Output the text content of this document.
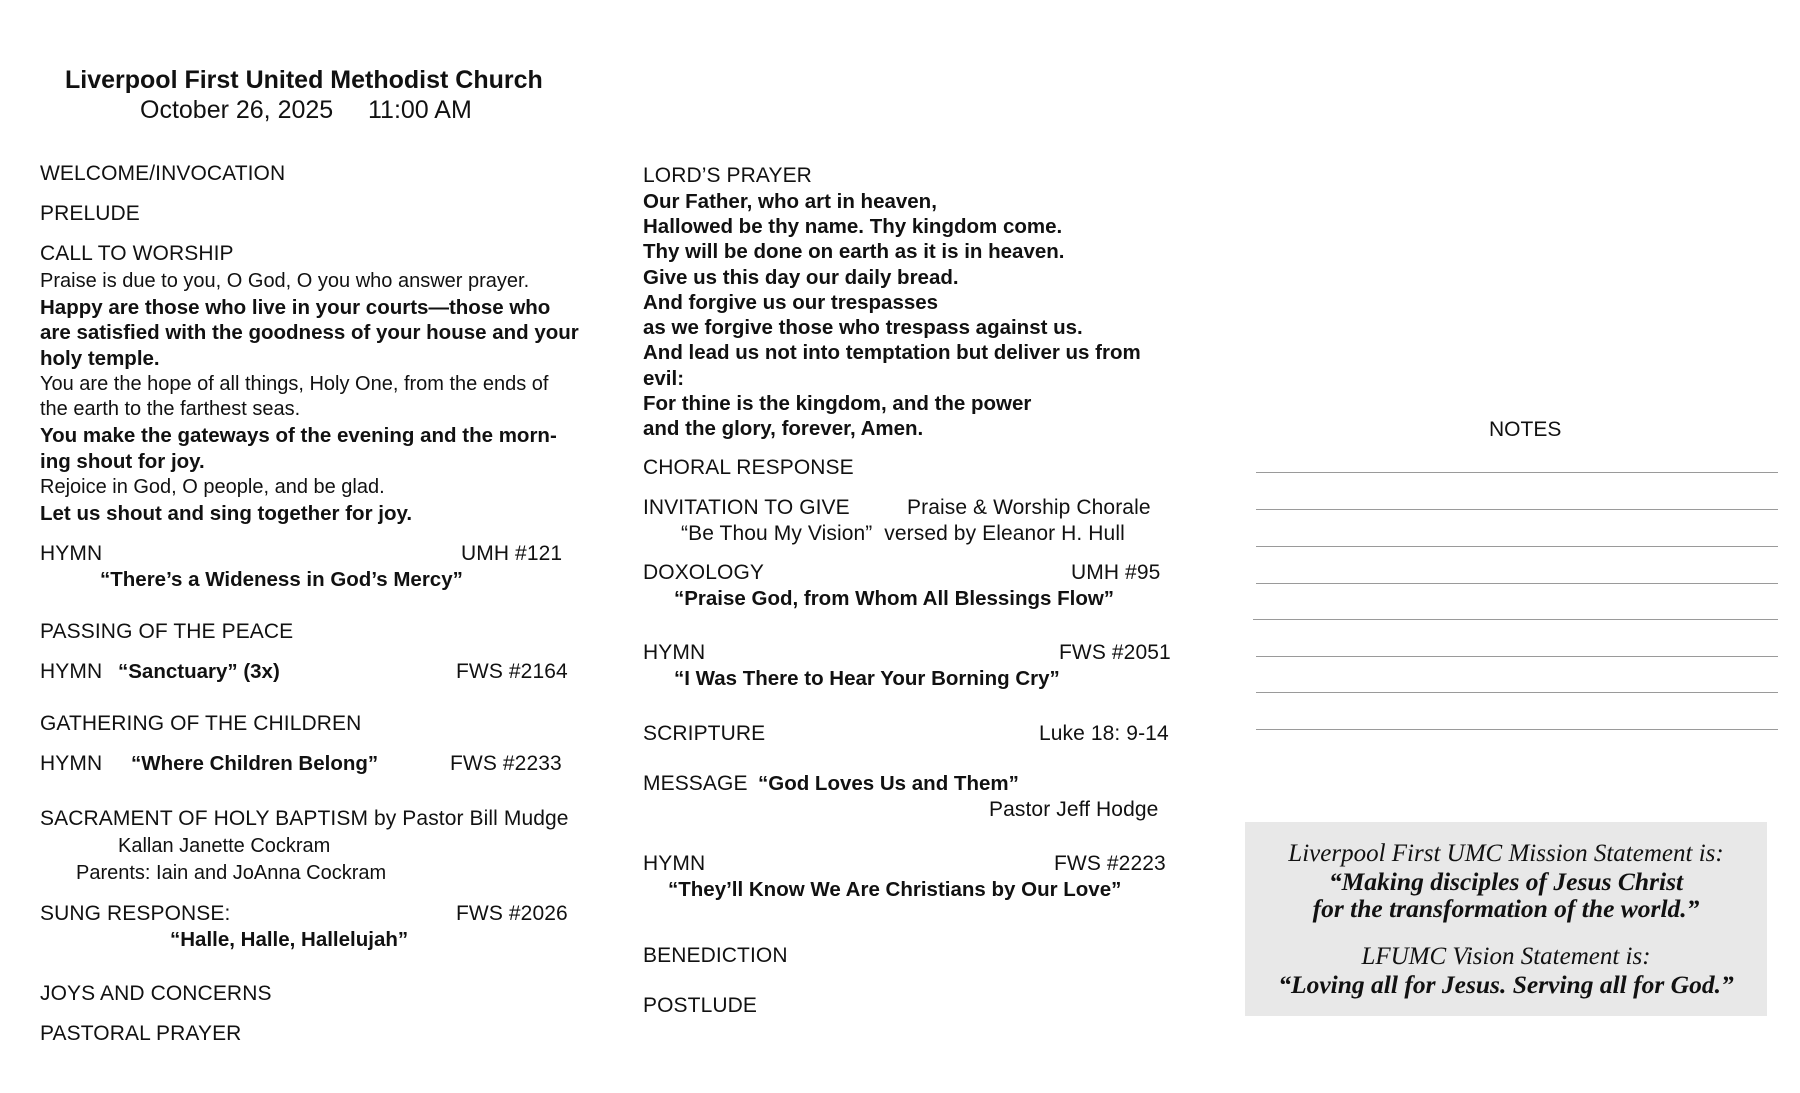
Liverpool First United Methodist Church
October 26, 2025 11:00 AM
WELCOME/INVOCATION
PRELUDE
CALL TO WORSHIP
Praise is due to you, O God, O you who answer prayer.
Happy are those who live in your courts—those who
are satisfied with the goodness of your house and your
holy temple.
You are the hope of all things, Holy One, from the ends of
the earth to the farthest seas.
You make the gateways of the evening and the morn-
ing shout for joy.
Rejoice in God, O people, and be glad.
Let us shout and sing together for joy.
HYMN	UMH #121
“There’s a Wideness in God’s Mercy”
PASSING OF THE PEACE
HYMN “Sanctuary” (3x)	FWS #2164
GATHERING OF THE CHILDREN
HYMN “Where Children Belong”	FWS #2233
SACRAMENT OF HOLY BAPTISM by Pastor Bill Mudge
Kallan Janette Cockram
Parents: Iain and JoAnna Cockram
SUNG RESPONSE:	FWS #2026
“Halle, Halle, Hallelujah”
JOYS AND CONCERNS
PASTORAL PRAYER
LORD’S PRAYER
Our Father, who art in heaven,
Hallowed be thy name. Thy kingdom come.
Thy will be done on earth as it is in heaven.
Give us this day our daily bread.
And forgive us our trespasses
as we forgive those who trespass against us.
And lead us not into temptation but deliver us from
evil:
For thine is the kingdom, and the power
and the glory, forever, Amen.
CHORAL RESPONSE
INVITATION TO GIVE	Praise & Worship Chorale
“Be Thou My Vision”  versed by Eleanor H. Hull
DOXOLOGY	UMH #95
“Praise God, from Whom All Blessings Flow”
HYMN	FWS #2051
“I Was There to Hear Your Borning Cry”
SCRIPTURE	Luke 18: 9-14
MESSAGE “God Loves Us and Them”
Pastor Jeff Hodge
HYMN	FWS #2223
“They’ll Know We Are Christians by Our Love”
BENEDICTION
POSTLUDE
NOTES
Liverpool First UMC Mission Statement is:
“Making disciples of Jesus Christ
for the transformation of the world.”
LFUMC Vision Statement is:
“Loving all for Jesus. Serving all for God.”
